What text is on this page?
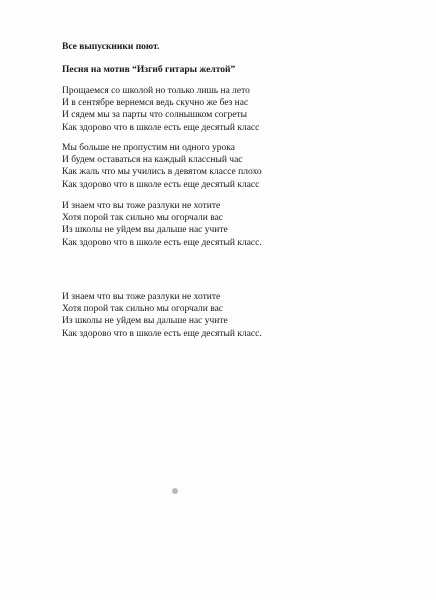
Все выпускники поют.
Песня на мотив “Изгиб гитары желтой”
Прощаемся со школой но только лишь на лето
И в сентябре вернемся ведь скучно же без нас
И сядем мы за парты что солнышком согреты
Как здорово что в школе есть еще десятый класс
Мы больше не пропустим ни одного урока
И будем оставаться на каждый классный час
Как жаль что мы учились в девятом классе плохо
Как здорово что в школе есть еще десятый класс
И знаем что вы тоже разлуки не хотите
Хотя порой так сильно мы огорчали вас
Из школы не уйдем вы дальше нас учите
Как здорово что в школе есть еще десятый класс.
И знаем что вы тоже разлуки не хотите
Хотя порой так сильно мы огорчали вас
Из школы не уйдем вы дальше нас учите
Как здорово что в школе есть еще десятый класс.
